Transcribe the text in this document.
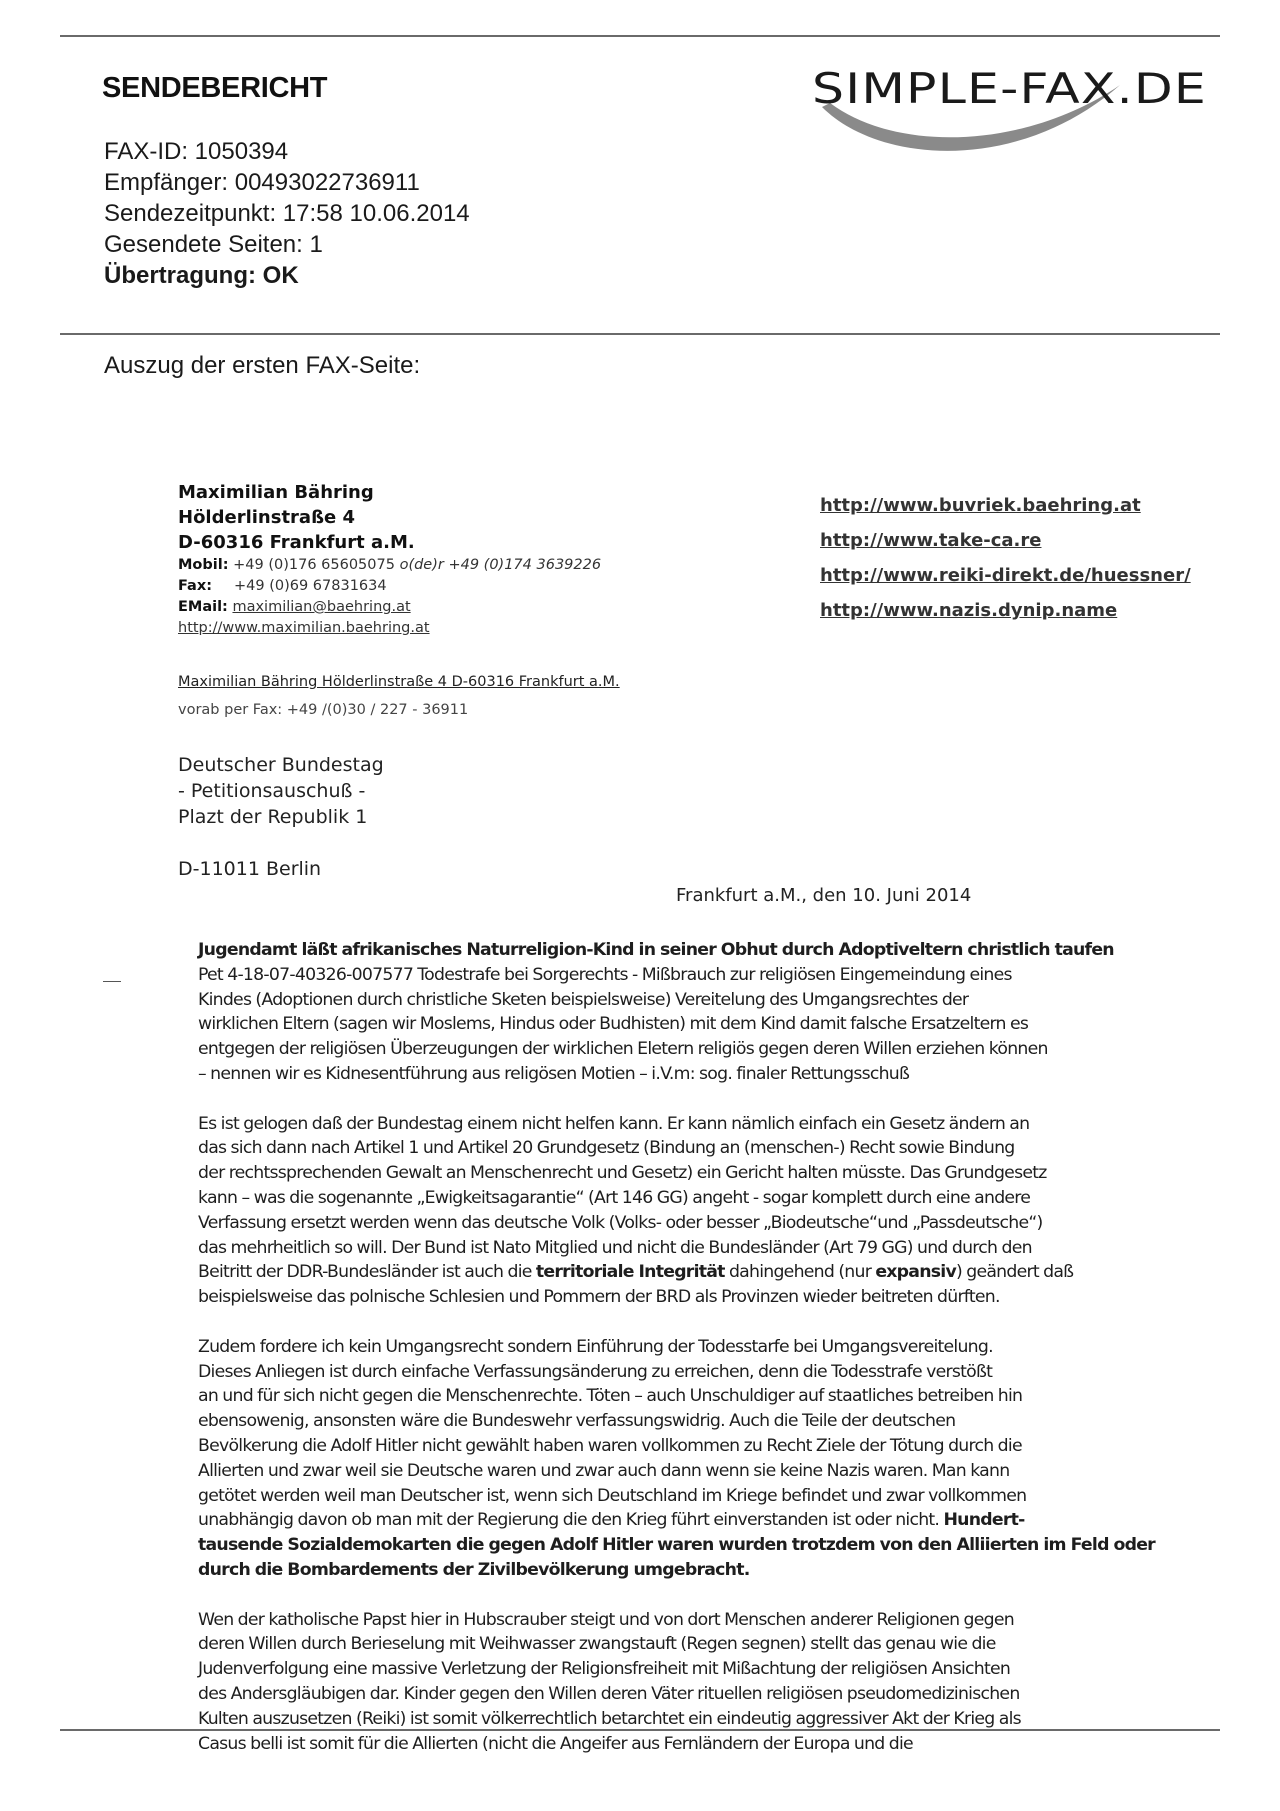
SENDEBERICHT
FAX-ID: 1050394
Empfänger: 00493022736911
Sendezeitpunkt: 17:58 10.06.2014
Gesendete Seiten: 1
Übertragung: OK
SIMPLE-FAX.DE
Auszug der ersten FAX-Seite:
Maximilian Bähring
Hölderlinstraße 4
D-60316 Frankfurt a.M.
Mobil: +49 (0)176 65605075 o(de)r +49 (0)174 3639226
Fax: +49 (0)69 67831634
EMail: maximilian@baehring.at
http://www.maximilian.baehring.at
http://www.buvriek.baehring.at
http://www.take-ca.re
http://www.reiki-direkt.de/huessner/
http://www.nazis.dynip.name
Maximilian Bähring Hölderlinstraße 4 D-60316 Frankfurt a.M.
vorab per Fax: +49 /(0)30 / 227 - 36911
Deutscher Bundestag
- Petitionsauschuß -
Plazt der Republik 1
D-11011 Berlin
Frankfurt a.M., den 10. Juni 2014

Jugendamt läßt afrikanisches Naturreligion-Kind in seiner Obhut durch Adoptiveltern christlich taufen
Pet 4-18-07-40326-007577 Todestrafe bei Sorgerechts - Mißbrauch zur religiösen Eingemeindung eines
Kindes (Adoptionen durch christliche Sketen beispielsweise) Vereitelung des Umgangsrechtes der
wirklichen Eltern (sagen wir Moslems, Hindus oder Budhisten) mit dem Kind damit falsche Ersatzeltern es
entgegen der religiösen Überzeugungen der wirklichen Eletern religiös gegen deren Willen erziehen können
– nennen wir es Kidnesentführung aus religösen Motien – i.V.m: sog. finaler Rettungsschuß

Es ist gelogen daß der Bundestag einem nicht helfen kann. Er kann nämlich einfach ein Gesetz ändern an
das sich dann nach Artikel 1 und Artikel 20 Grundgesetz (Bindung an (menschen-) Recht sowie Bindung
der rechtssprechenden Gewalt an Menschenrecht und Gesetz) ein Gericht halten müsste. Das Grundgesetz
kann – was die sogenannte „Ewigkeitsagarantie“ (Art 146 GG) angeht - sogar komplett durch eine andere
Verfassung ersetzt werden wenn das deutsche Volk (Volks- oder besser „Biodeutsche“und „Passdeutsche“)
das mehrheitlich so will. Der Bund ist Nato Mitglied und nicht die Bundesländer (Art 79 GG) und durch den
Beitritt der DDR-Bundesländer ist auch die territoriale Integrität dahingehend (nur expansiv) geändert daß
beispielsweise das polnische Schlesien und Pommern der BRD als Provinzen wieder beitreten dürften.

Zudem fordere ich kein Umgangsrecht sondern Einführung der Todesstarfe bei Umgangsvereitelung.
Dieses Anliegen ist durch einfache Verfassungsänderung zu erreichen, denn die Todesstrafe verstößt
an und für sich nicht gegen die Menschenrechte. Töten – auch Unschuldiger auf staatliches betreiben hin
ebensowenig, ansonsten wäre die Bundeswehr verfassungswidrig. Auch die Teile der deutschen
Bevölkerung die Adolf Hitler nicht gewählt haben waren vollkommen zu Recht Ziele der Tötung durch die
Allierten und zwar weil sie Deutsche waren und zwar auch dann wenn sie keine Nazis waren. Man kann
getötet werden weil man Deutscher ist, wenn sich Deutschland im Kriege befindet und zwar vollkommen
unabhängig davon ob man mit der Regierung die den Krieg führt einverstanden ist oder nicht. Hundert-
tausende Sozialdemokarten die gegen Adolf Hitler waren wurden trotzdem von den Alliierten im Feld oder
durch die Bombardements der Zivilbevölkerung umgebracht.

Wen der katholische Papst hier in Hubscrauber steigt und von dort Menschen anderer Religionen gegen
deren Willen durch Berieselung mit Weihwasser zwangstauft (Regen segnen) stellt das genau wie die
Judenverfolgung eine massive Verletzung der Religionsfreiheit mit Mißachtung der religiösen Ansichten
des Andersgläubigen dar. Kinder gegen den Willen deren Väter rituellen religiösen pseudomedizinischen
Kulten auszusetzen (Reiki) ist somit völkerrechtlich betarchtet ein eindeutig aggressiver Akt der Krieg als
Casus belli ist somit für die Allierten (nicht die Angeifer aus Fernländern der Europa und die
